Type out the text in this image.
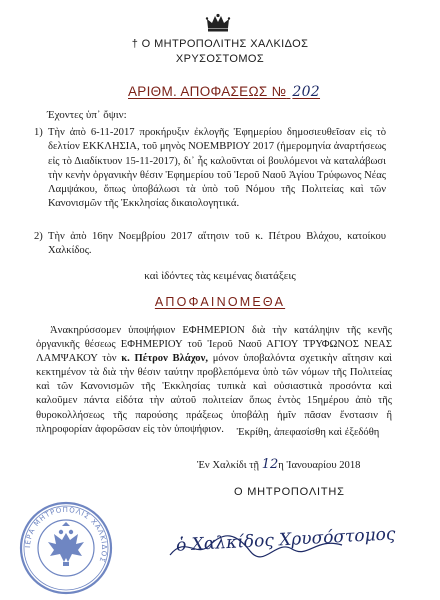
† Ο ΜΗΤΡΟΠΟΛΙΤΗΣ ΧΑΛΚΙΔΟΣ
ΧΡΥΣΟΣΤΟΜΟΣ
ΑΡΙΘΜ. ΑΠΟΦΑΣΕΩΣ № 202
Έχοντες ὑπ᾽ ὄψιν:
1) Τὴν ἀπὸ 6-11-2017 προκήρυξιν ἐκλογῆς Ἐφημερίου δημοσιευθεῖσαν εἰς τὸ δελτίον ΕΚΚΛΗΣΙΑ, τοῦ μηνὸς ΝΟΕΜΒΡΙΟΥ 2017 (ἡμερομηνία ἀναρτήσεως εἰς τὸ Διαδίκτυον 15-11-2017), δι᾽ ἧς καλοῦνται οἱ βουλόμενοι νὰ καταλάβωσι τὴν κενὴν ὀργανικὴν θέσιν Ἐφημερίου τοῦ Ἱεροῦ Ναοῦ Ἁγίου Τρύφωνος Νέας Λαμψάκου, ὅπως ὑποβάλωσι τὰ ὑπὸ τοῦ Νόμου τῆς Πολιτείας καὶ τῶν Κανονισμῶν τῆς Ἐκκλησίας δικαιολογητικά.
2) Τὴν ἀπὸ 16ην Νοεμβρίου 2017 αἴτησιν τοῦ κ. Πέτρου Βλάχου, κατοίκου Χαλκίδος.
καὶ ἰδόντες τὰς κειμένας διατάξεις
ΑΠΟΦΑΙΝΟΜΕΘΑ
Ἀνακηρύσσομεν ὑποψήφιον ΕΦΗΜΕΡΙΟΝ διὰ τὴν κατάληψιν τῆς κενῆς ὀργανικῆς θέσεως ΕΦΗΜΕΡΙΟΥ τοῦ Ἱεροῦ Ναοῦ ΑΓΙΟΥ ΤΡΥΦΩΝΟΣ ΝΕΑΣ ΛΑΜΨΑΚΟΥ τὸν κ. Πέτρον Βλάχον, μόνον ὑποβαλόντα σχετικὴν αἴτησιν καὶ κεκτημένον τὰ διὰ τὴν θέσιν ταύτην προβλεπόμενα ὑπὸ τῶν νόμων τῆς Πολιτείας καὶ τῶν Κανονισμῶν τῆς Ἐκκλησίας τυπικὰ καὶ οὐσιαστικὰ προσόντα καὶ καλοῦμεν πάντα εἰδότα τὴν αὐτοῦ πολιτείαν ὅπως ἐντὸς 15ημέρου ἀπὸ τῆς θυροκολλήσεως τῆς παρούσης πράξεως ὑποβάλῃ ἡμῖν πᾶσαν ἔνστασιν ἢ πληροφορίαν ἀφορῶσαν εἰς τὸν ὑποψήφιον.	Ἐκρίθη, ἀπεφασίσθη καὶ ἐξεδόθη
Ἐν Χαλκίδι τῇ 12η Ἰανουαρίου 2018
Ο ΜΗΤΡΟΠΟΛΙΤΗΣ
ΙΕΡΑ ΜΗΤΡΟΠΟΛΙΣ ΧΑΛΚΙΔΟΣ
ὁ Χαλκίδος Χρυσόστομος
